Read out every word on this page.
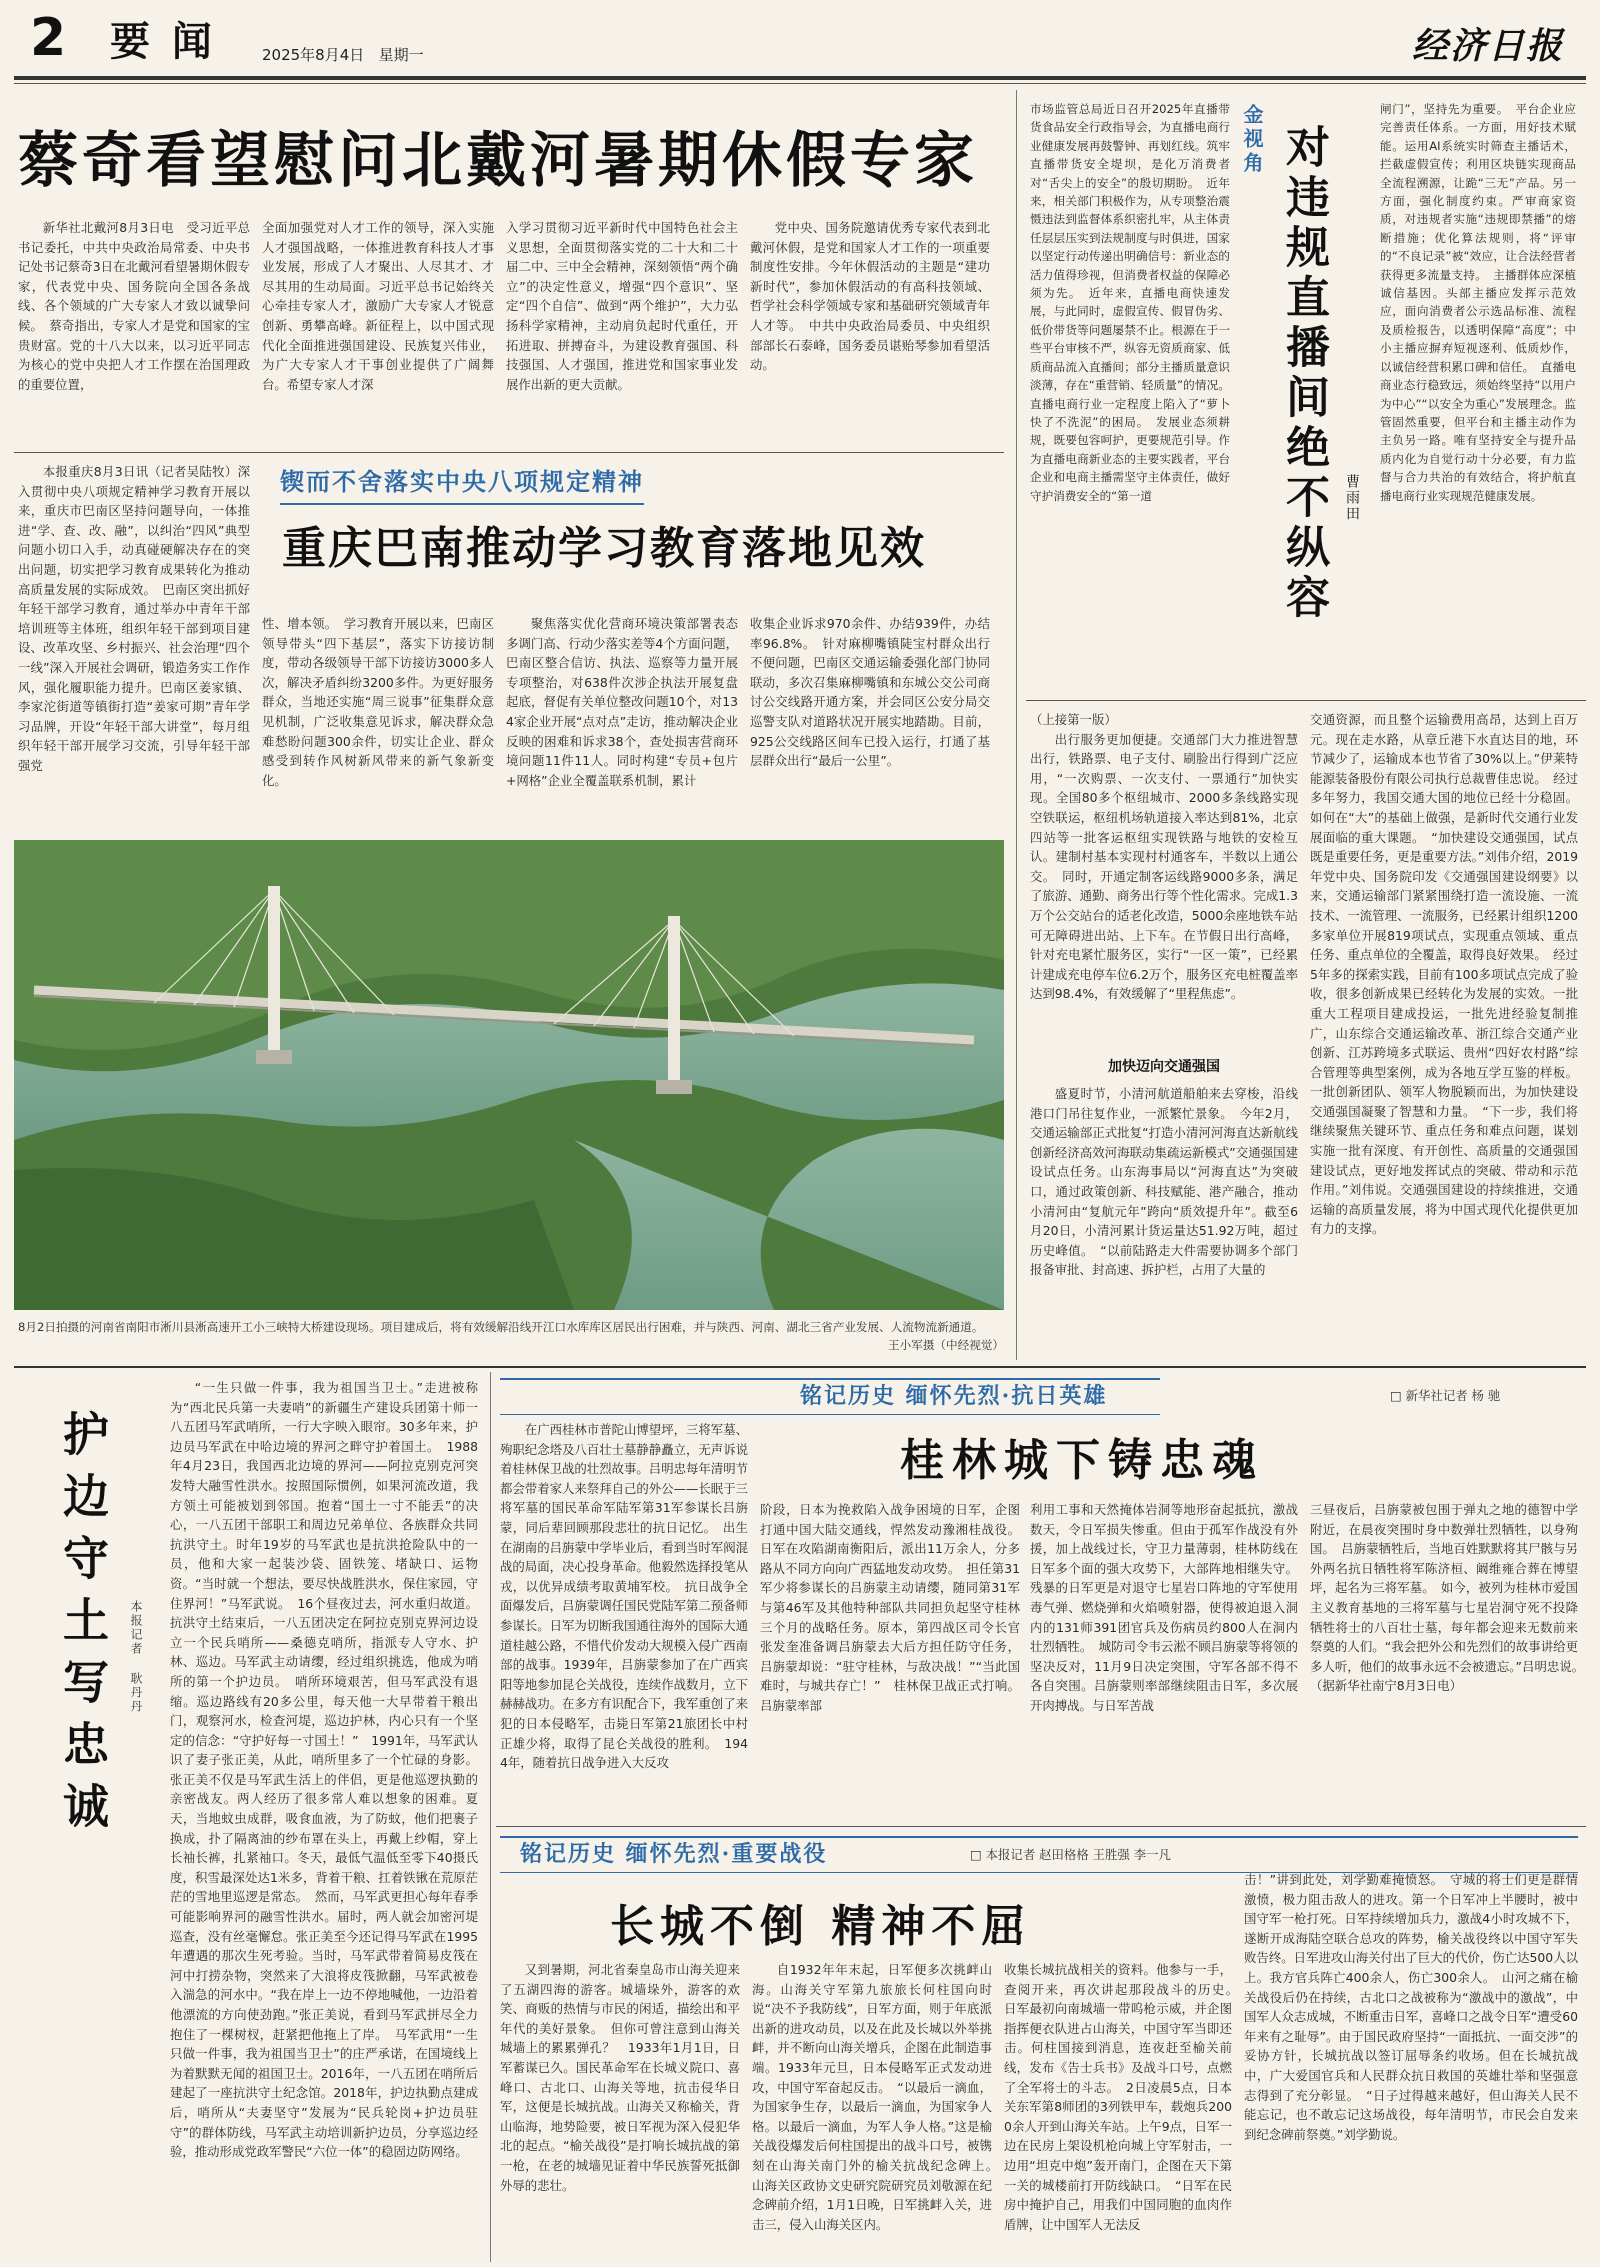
2 要 闻	2025年8月4日 星期一	经济日报
蔡奇看望慰问北戴河暑期休假专家

新华社北戴河8月3日电　受习近平总书记委托，中共中央政治局常委、中央书记处书记蔡奇3日在北戴河看望暑期休假专家，代表党中央、国务院向全国各条战线、各个领域的广大专家人才致以诚挚问候。　蔡奇指出，专家人才是党和国家的宝贵财富。党的十八大以来，以习近平同志为核心的党中央把人才工作摆在治国理政的重要位置，

全面加强党对人才工作的领导，深入实施人才强国战略，一体推进教育科技人才事业发展，形成了人才聚出、人尽其才、才尽其用的生动局面。习近平总书记始终关心牵挂专家人才，激励广大专家人才锐意创新、勇攀高峰。新征程上，以中国式现代化全面推进强国建设、民族复兴伟业，为广大专家人才干事创业提供了广阔舞台。希望专家人才深

入学习贯彻习近平新时代中国特色社会主义思想，全面贯彻落实党的二十大和二十届二中、三中全会精神，深刻领悟“两个确立”的决定性意义，增强“四个意识”、坚定“四个自信”、做到“两个维护”，大力弘扬科学家精神，主动肩负起时代重任，开拓进取、拼搏奋斗，为建设教育强国、科技强国、人才强国，推进党和国家事业发展作出新的更大贡献。

党中央、国务院邀请优秀专家代表到北戴河休假，是党和国家人才工作的一项重要制度性安排。今年休假活动的主题是“建功新时代”，参加休假活动的有高科技领域、哲学社会科学领域专家和基础研究领域青年人才等。　中共中央政治局委员、中央组织部部长石泰峰，国务委员谌贻琴参加看望活动。

本报重庆8月3日讯（记者吴陆牧）深入贯彻中央八项规定精神学习教育开展以来，重庆市巴南区坚持问题导向，一体推进“学、查、改、融”，以纠治“四风”典型问题小切口入手，动真碰硬解决存在的突出问题，切实把学习教育成果转化为推动高质量发展的实际成效。　巴南区突出抓好年轻干部学习教育，通过举办中青年干部培训班等主体班，组织年轻干部到项目建设、改革攻坚、乡村振兴、社会治理“四个一线”深入开展社会调研，锻造务实工作作风，强化履职能力提升。巴南区姜家镇、李家沱街道等镇街打造“姜家可期”青年学习品牌，开设“年轻干部大讲堂”，每月组织年轻干部开展学习交流，引导年轻干部强党

锲而不舍落实中央八项规定精神
重庆巴南推动学习教育落地见效

性、增本领。　学习教育开展以来，巴南区领导带头“四下基层”，落实下访接访制度，带动各级领导干部下访接访3000多人次，解决矛盾纠纷3200多件。为更好服务群众，当地还实施“周三说事”征集群众意见机制，广泛收集意见诉求，解决群众急难愁盼问题300余件，切实让企业、群众感受到转作风树新风带来的新气象新变化。

聚焦落实优化营商环境决策部署表态多调门高、行动少落实差等4个方面问题，巴南区整合信访、执法、巡察等力量开展专项整治，对638件次涉企执法开展复盘起底，督促有关单位整改问题10个，对134家企业开展“点对点”走访，推动解决企业反映的困难和诉求38个，查处损害营商环境问题11件11人。同时构建“专员+包片+网格”企业全覆盖联系机制，累计

收集企业诉求970余件、办结939件，办结率96.8%。　针对麻柳嘴镇陡宝村群众出行不便问题，巴南区交通运输委强化部门协同联动，多次召集麻柳嘴镇和东城公交公司商讨公交线路开通方案，并会同区公安分局交巡警支队对道路状况开展实地踏勘。目前，925公交线路区间车已投入运行，打通了基层群众出行“最后一公里”。

8月2日拍摄的河南省南阳市淅川县淅高速开工小三峡特大桥建设现场。项目建成后，将有效缓解沿线开江口水库库区居民出行困难，并与陕西、河南、湖北三省产业发展、人流物流新通道。
王小军摄（中经视觉）
金视角 对违规直播间绝不纵容 曹雨田

市场监管总局近日召开2025年直播带货食品安全行政指导会，为直播电商行业健康发展再鼓警钟、再划红线。筑牢直播带货安全堤坝，是化万消费者对“舌尖上的安全”的殷切期盼。　近年来，相关部门积极作为，从专项整治震慑违法到监督体系织密扎牢，从主体责任层层压实到法规制度与时俱进，国家以坚定行动传递出明确信号：新业态的活力值得珍视，但消费者权益的保障必须为先。　近年来，直播电商快速发展，与此同时，虚假宣传、假冒伪劣、低价带货等问题屡禁不止。根源在于一些平台审核不严，纵容无资质商家、低质商品流入直播间；部分主播质量意识淡薄，存在“重营销、轻质量”的情况。直播电商行业一定程度上陷入了“萝卜快了不洗泥”的困局。　发展业态须耕规，既要包容呵护，更要规范引导。作为直播电商新业态的主要实践者，平台企业和电商主播需坚守主体责任，做好守护消费安全的“第一道

闸门”，坚持先为重要。　平台企业应完善责任体系。一方面，用好技术赋能。运用AI系统实时筛查主播话术，拦截虚假宣传；利用区块链实现商品全流程溯源，让跪“三无”产品。另一方面，强化制度约束。严审商家资质，对违规者实施“违规即禁播”的熔断措施；优化算法规则，将“评审的“不良记录”被“效应，让合法经营者获得更多流量支持。　主播群体应深植诚信基因。头部主播应发挥示范效应，面向消费者公示选品标准、流程及质检报告，以透明保障“高度”；中小主播应摒弃短视逐利、低质炒作，以诚信经营积累口碑和信任。　直播电商业态行稳致远，须始终坚持“以用户为中心”“以安全为重心”发展理念。监管固然重要，但平台和主播主动作为主负另一路。唯有坚持安全与提升品质内化为自觉行动十分必要，有力监督与合力共治的有效结合，将护航直播电商行业实现规范健康发展。

（上接第一版）

出行服务更加便捷。交通部门大力推进智慧出行，铁路票、电子支付、刷脸出行得到广泛应用，“一次购票、一次支付、一票通行”加快实现。全国80多个枢纽城市、2000多条线路实现空铁联运，枢纽机场轨道接入率达到81%，北京四站等一批客运枢纽实现铁路与地铁的安检互认。建制村基本实现村村通客车，半数以上通公交。　同时，开通定制客运线路9000多条，满足了旅游、通勤、商务出行等个性化需求。完成1.3万个公交站台的适老化改造，5000余座地铁车站可无障碍进出站、上下车。在节假日出行高峰，针对充电紧忙服务区，实行“一区一策”，已经累计建成充电停车位6.2万个，服务区充电桩覆盖率达到98.4%，有效缓解了“里程焦虑”。

加快迈向交通强国

盛夏时节，小清河航道船舶来去穿梭，沿线港口门吊往复作业，一派繁忙景象。　今年2月，交通运输部正式批复“打造小清河河海直达新航线 创新经济高效河海联动集疏运新模式”交通强国建设试点任务。山东海事局以“河海直达”为突破口，通过政策创新、科技赋能、港产融合，推动小清河由“复航元年”跨向“质效提升年”。截至6月20日，小清河累计货运量达51.92万吨，超过历史峰值。　“以前陆路走大件需要协调多个部门报备审批、封高速、拆护栏，占用了大量的

交通资源，而且整个运输费用高昂，达到上百万元。现在走水路，从章丘港下水直达目的地，环节减少了，运输成本也节省了30%以上。”伊莱特能源装备股份有限公司执行总裁曹佳忠说。　经过多年努力，我国交通大国的地位已经十分稳固。如何在“大”的基础上做强，是新时代交通行业发展面临的重大课题。　“加快建设交通强国，试点既是重要任务，更是重要方法。”刘伟介绍，2019年党中央、国务院印发《交通强国建设纲要》以来，交通运输部门紧紧围绕打造一流设施、一流技术、一流管理、一流服务，已经累计组织1200多家单位开展819项试点，实现重点领域、重点任务、重点单位的全覆盖，取得良好效果。　经过5年多的探索实践，目前有100多项试点完成了验收，很多创新成果已经转化为发展的实效。一批重大工程项目建成投运，一批先进经验复制推广，山东综合交通运输改革、浙江综合交通产业创新、江苏跨境多式联运、贵州“四好农村路”综合管理等典型案例，成为各地互学互鉴的样板。一批创新团队、领军人物脱颖而出，为加快建设交通强国凝聚了智慧和力量。　“下一步，我们将继续聚焦关键环节、重点任务和难点问题，谋划实施一批有深度、有开创性、高质量的交通强国建设试点，更好地发挥试点的突破、带动和示范作用。”刘伟说。交通强国建设的持续推进，交通运输的高质量发展，将为中国式现代化提供更加有力的支撑。

护边守土写忠诚	本报记者 耿丹丹

“一生只做一件事，我为祖国当卫士。”走进被称为“西北民兵第一夫妻哨”的新疆生产建设兵团第十师一八五团马军武哨所，一行大字映入眼帘。30多年来，护边员马军武在中哈边境的界河之畔守护着国土。　1988年4月23日，我国西北边境的界河——阿拉克别克河突发特大融雪性洪水。按照国际惯例，如果河流改道，我方领土可能被划到邻国。抱着“国土一寸不能丢”的决心，一八五团干部职工和周边兄弟单位、各族群众共同抗洪守土。时年19岁的马军武也是抗洪抢险队中的一员，他和大家一起装沙袋、固铁笼、堵缺口、运物资。“当时就一个想法，要尽快战胜洪水，保住家园，守住界河！”马军武说。　16个昼夜过去，河水重归故道。抗洪守土结束后，一八五团决定在阿拉克别克界河边设立一个民兵哨所——桑德克哨所，指派专人守水、护林、巡边。马军武主动请缨，经过组织挑选，他成为哨所的第一个护边员。　哨所环境艰苦，但马军武没有退缩。巡边路线有20多公里，每天他一大早带着干粮出门，观察河水，检查河堤，巡边护林，内心只有一个坚定的信念：“守护好每一寸国土！”　1991年，马军武认识了妻子张正美，从此，哨所里多了一个忙碌的身影。张正美不仅是马军武生活上的伴侣，更是他巡逻执勤的亲密战友。两人经历了很多常人难以想象的困难。夏天，当地蚊虫成群，吸食血液，为了防蚊，他们把裹子换成，扑了隔离油的纱布罩在头上，再戴上纱帽，穿上长袖长裤，扎紧袖口。冬天，最低气温低至零下40摄氏度，积雪最深处达1米多，背着干粮、扛着铁锹在荒原茫茫的雪地里巡逻是常态。　然而，马军武更担心每年春季可能影响界河的融雪性洪水。届时，两人就会加密河堤巡查，没有丝毫懈怠。张正美至今还记得马军武在1995年遭遇的那次生死考验。当时，马军武带着简易皮筏在河中打捞杂物，突然来了大浪将皮筏掀翻，马军武被卷入湍急的河水中。“我在岸上一边不停地喊他，一边沿着他漂流的方向使劲跑。”张正美说，看到马军武拼尽全力抱住了一棵树杈，赶紧把他拖上了岸。　马军武用“一生只做一件事，我为祖国当卫士”的庄严承诺，在国境线上为着默默无闻的祖国卫士。2016年，一八五团在哨所后建起了一座抗洪守土纪念馆。2018年，护边执勤点建成后，哨所从“夫妻坚守”发展为“民兵轮岗+护边员驻守”的群体防线，马军武主动培训新护边员，分享巡边经验，推动形成党政军警民“六位一体”的稳固边防网络。

铭记历史 缅怀先烈·抗日英雄	□ 新华社记者 杨 驰
桂林城下铸忠魂

在广西桂林市普陀山博望坪，三将军墓、殉职纪念塔及八百壮士墓静静矗立，无声诉说着桂林保卫战的壮烈故事。吕明忠每年清明节都会带着家人来祭拜自己的外公——长眠于三将军墓的国民革命军陆军第31军参谋长吕旃蒙，同后辈回顾那段悲壮的抗日记忆。　出生在湖南的吕旃蒙中学毕业后，看到当时军阀混战的局面，决心投身革命。他毅然选择投笔从戎，以优异成绩考取黄埔军校。　抗日战争全面爆发后，吕旃蒙调任国民党陆军第二预备师参谋长。日军为切断我国通往海外的国际大通道桂越公路，不惜代价发动大规模入侵广西南部的战事。1939年，吕旃蒙参加了在广西宾阳等地参加昆仑关战役，连续作战数月，立下赫赫战功。在多方有识配合下，我军重创了来犯的日本侵略军，击毙日军第21旅团长中村正雄少将，取得了昆仑关战役的胜利。　1944年，随着抗日战争进入大反攻

阶段，日本为挽救陷入战争困境的日军，企图打通中国大陆交通线，悍然发动豫湘桂战役。日军在攻陷湖南衡阳后，派出11万余人，分多路从不同方向向广西猛地发动攻势。　担任第31军少将参谋长的吕旃蒙主动请缨，随同第31军与第46军及其他特种部队共同担负起坚守桂林三个月的战略任务。原本，第四战区司令长官张发奎准备调吕旃蒙去大后方担任防守任务，吕旃蒙却说：“驻守桂林，与敌决战！”“当此国难时，与城共存亡！”　桂林保卫战正式打响。吕旃蒙率部

利用工事和天然掩体岩洞等地形奋起抵抗，激战数天，令日军损失惨重。但由于孤军作战没有外援，加上战线过长，守卫力量薄弱，桂林防线在日军多个面的强大攻势下，大部阵地相继失守。残暴的日军更是对退守七星岩口阵地的守军使用毒气弹、燃烧弹和火焰喷射器，使得被迫退入洞内的131师391团官兵及伤病员约800人在洞内壮烈牺牲。　城防司令韦云淞不顾吕旃蒙等将领的坚决反对，11月9日决定突围，守军各部不得不各自突围。吕旃蒙则率部继续阻击日军，多次展开肉搏战。与日军苦战

三昼夜后，吕旃蒙被包围于弹丸之地的德智中学附近，在晨夜突围时身中数弹壮烈牺牲，以身殉国。　吕旃蒙牺牲后，当地百姓默默将其尸骸与另外两名抗日牺牲将军陈济桓、阚维雍合葬在博望坪，起名为三将军墓。　如今，被列为桂林市爱国主义教育基地的三将军墓与七星岩洞守死不投降牺牲将士的八百壮士墓，每年都会迎来无数前来祭奠的人们。“我会把外公和先烈们的故事讲给更多人听，他们的故事永远不会被遗忘。”吕明忠说。　（据新华社南宁8月3日电）

铭记历史 缅怀先烈·重要战役	□ 本报记者 赵田格格 王胜强 李一凡
长城不倒 精神不屈

又到暑期，河北省秦皇岛市山海关迎来了五湖四海的游客。城墙垛外，游客的欢笑、商贩的热情与市民的闲适，描绘出和平年代的美好景象。　但你可曾注意到山海关城墙上的累累弹孔？　1933年1月1日，日军蓄谋已久。国民革命军在长城义院口、喜峰口、古北口、山海关等地，抗击侵华日军，这便是长城抗战。山海关又称榆关，背山临海，地势险要，被日军视为深入侵犯华北的起点。“榆关战役”是打响长城抗战的第一枪，在老的城墙见证着中华民族誓死抵御外辱的悲壮。

自1932年年末起，日军便多次挑衅山海。山海关守军第九旅旅长何柱国向时说“决不予我防线”，日军方面，则于年底派出新的进攻动员，以及在此及长城以外举挑衅，并不断向山海关增兵，企图在此制造事端。1933年元旦，日本侵略军正式发动进攻，中国守军奋起反击。　“以最后一滴血，为国家争生存，以最后一滴血，为国家争人格。以最后一滴血，为军人争人格。”这是榆关战役爆发后何柱国提出的战斗口号，被镌刻在山海关南门外的榆关抗战纪念碑上。　山海关区政协文史研究院研究员刘敬源在纪念碑前介绍，1月1日晚，日军挑衅入关，进击三，侵入山海关区内。

收集长城抗战相关的资料。他参与一手，查阅开来，再次讲起那段战斗的历史。　日军最初向南城墙一带呜枪示威，并企图指挥便衣队进占山海关，中国守军当即还击。何柱国接到消息，连夜赶至榆关前线，发布《告士兵书》及战斗口号，点燃了全军将士的斗志。　2日凌晨5点，日本关东军第8师团的3列铁甲车，载炮兵2000余人开到山海关车站。上午9点，日军一边在民房上架设机枪向城上守军射击，一边用“坦克中炮”轰开南门，企图在天下第一关的城楼前打开防线缺口。　“日军在民房中掩护自己，用我们中国同胞的血肉作盾牌，让中国军人无法反

击！”讲到此处，刘学勤难掩愤怒。　守城的将士们更是群情激愤，极力阻击敌人的进攻。第一个日军冲上半腰时，被中国守军一枪打死。日军持续增加兵力，激战4小时攻城不下，遂断开成海陆空联合总攻的阵势，榆关战役终以中国守军失败告终。日军进攻山海关付出了巨大的代价，伤亡达500人以上。我方官兵阵亡400余人，伤亡300余人。　山河之痛在榆关战役后仍在持续，古北口之战被称为“激战中的激战”，中国军人众志成城，不断重击日军，喜峰口之战令日军“遭受60年来有之耻辱”。由于国民政府坚持“一面抵抗、一面交涉”的妥协方针，长城抗战以签订屈辱条约收场。但在长城抗战中，广大爱国官兵和人民群众抗日救国的英雄壮举和坚强意志得到了充分彰显。　“日子过得越来越好，但山海关人民不能忘记，也不敢忘记这场战役，每年清明节，市民会自发来到纪念碑前祭奠。”刘学勤说。
